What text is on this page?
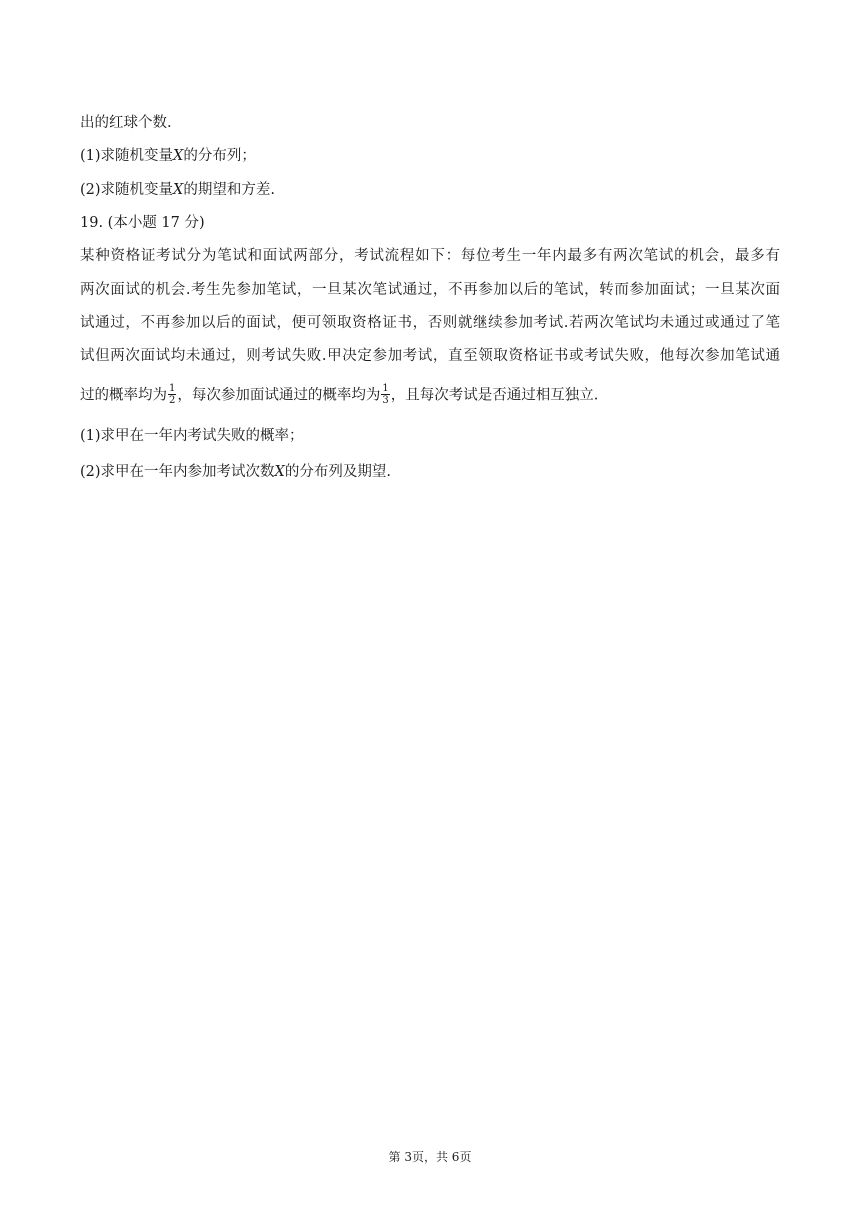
出的红球个数.
(1)求随机变量X的分布列；
(2)求随机变量X的期望和方差.
19. (本小题 17 分)
某种资格证考试分为笔试和面试两部分，考试流程如下：每位考生一年内最多有两次笔试的机会，最多有
两次面试的机会.考生先参加笔试，一旦某次笔试通过，不再参加以后的笔试，转而参加面试；一旦某次面
试通过，不再参加以后的面试，便可领取资格证书，否则就继续参加考试.若两次笔试均未通过或通过了笔
试但两次面试均未通过，则考试失败.甲决定参加考试，直至领取资格证书或考试失败，他每次参加笔试通
过的概率均为 $\frac{1}{2}$ ，每次参加面试通过的概率均为 $\frac{1}{3}$ ，且每次考试是否通过相互独立.
(1)求甲在一年内考试失败的概率；
(2)求甲在一年内参加考试次数X的分布列及期望.
第 3页，共 6页
